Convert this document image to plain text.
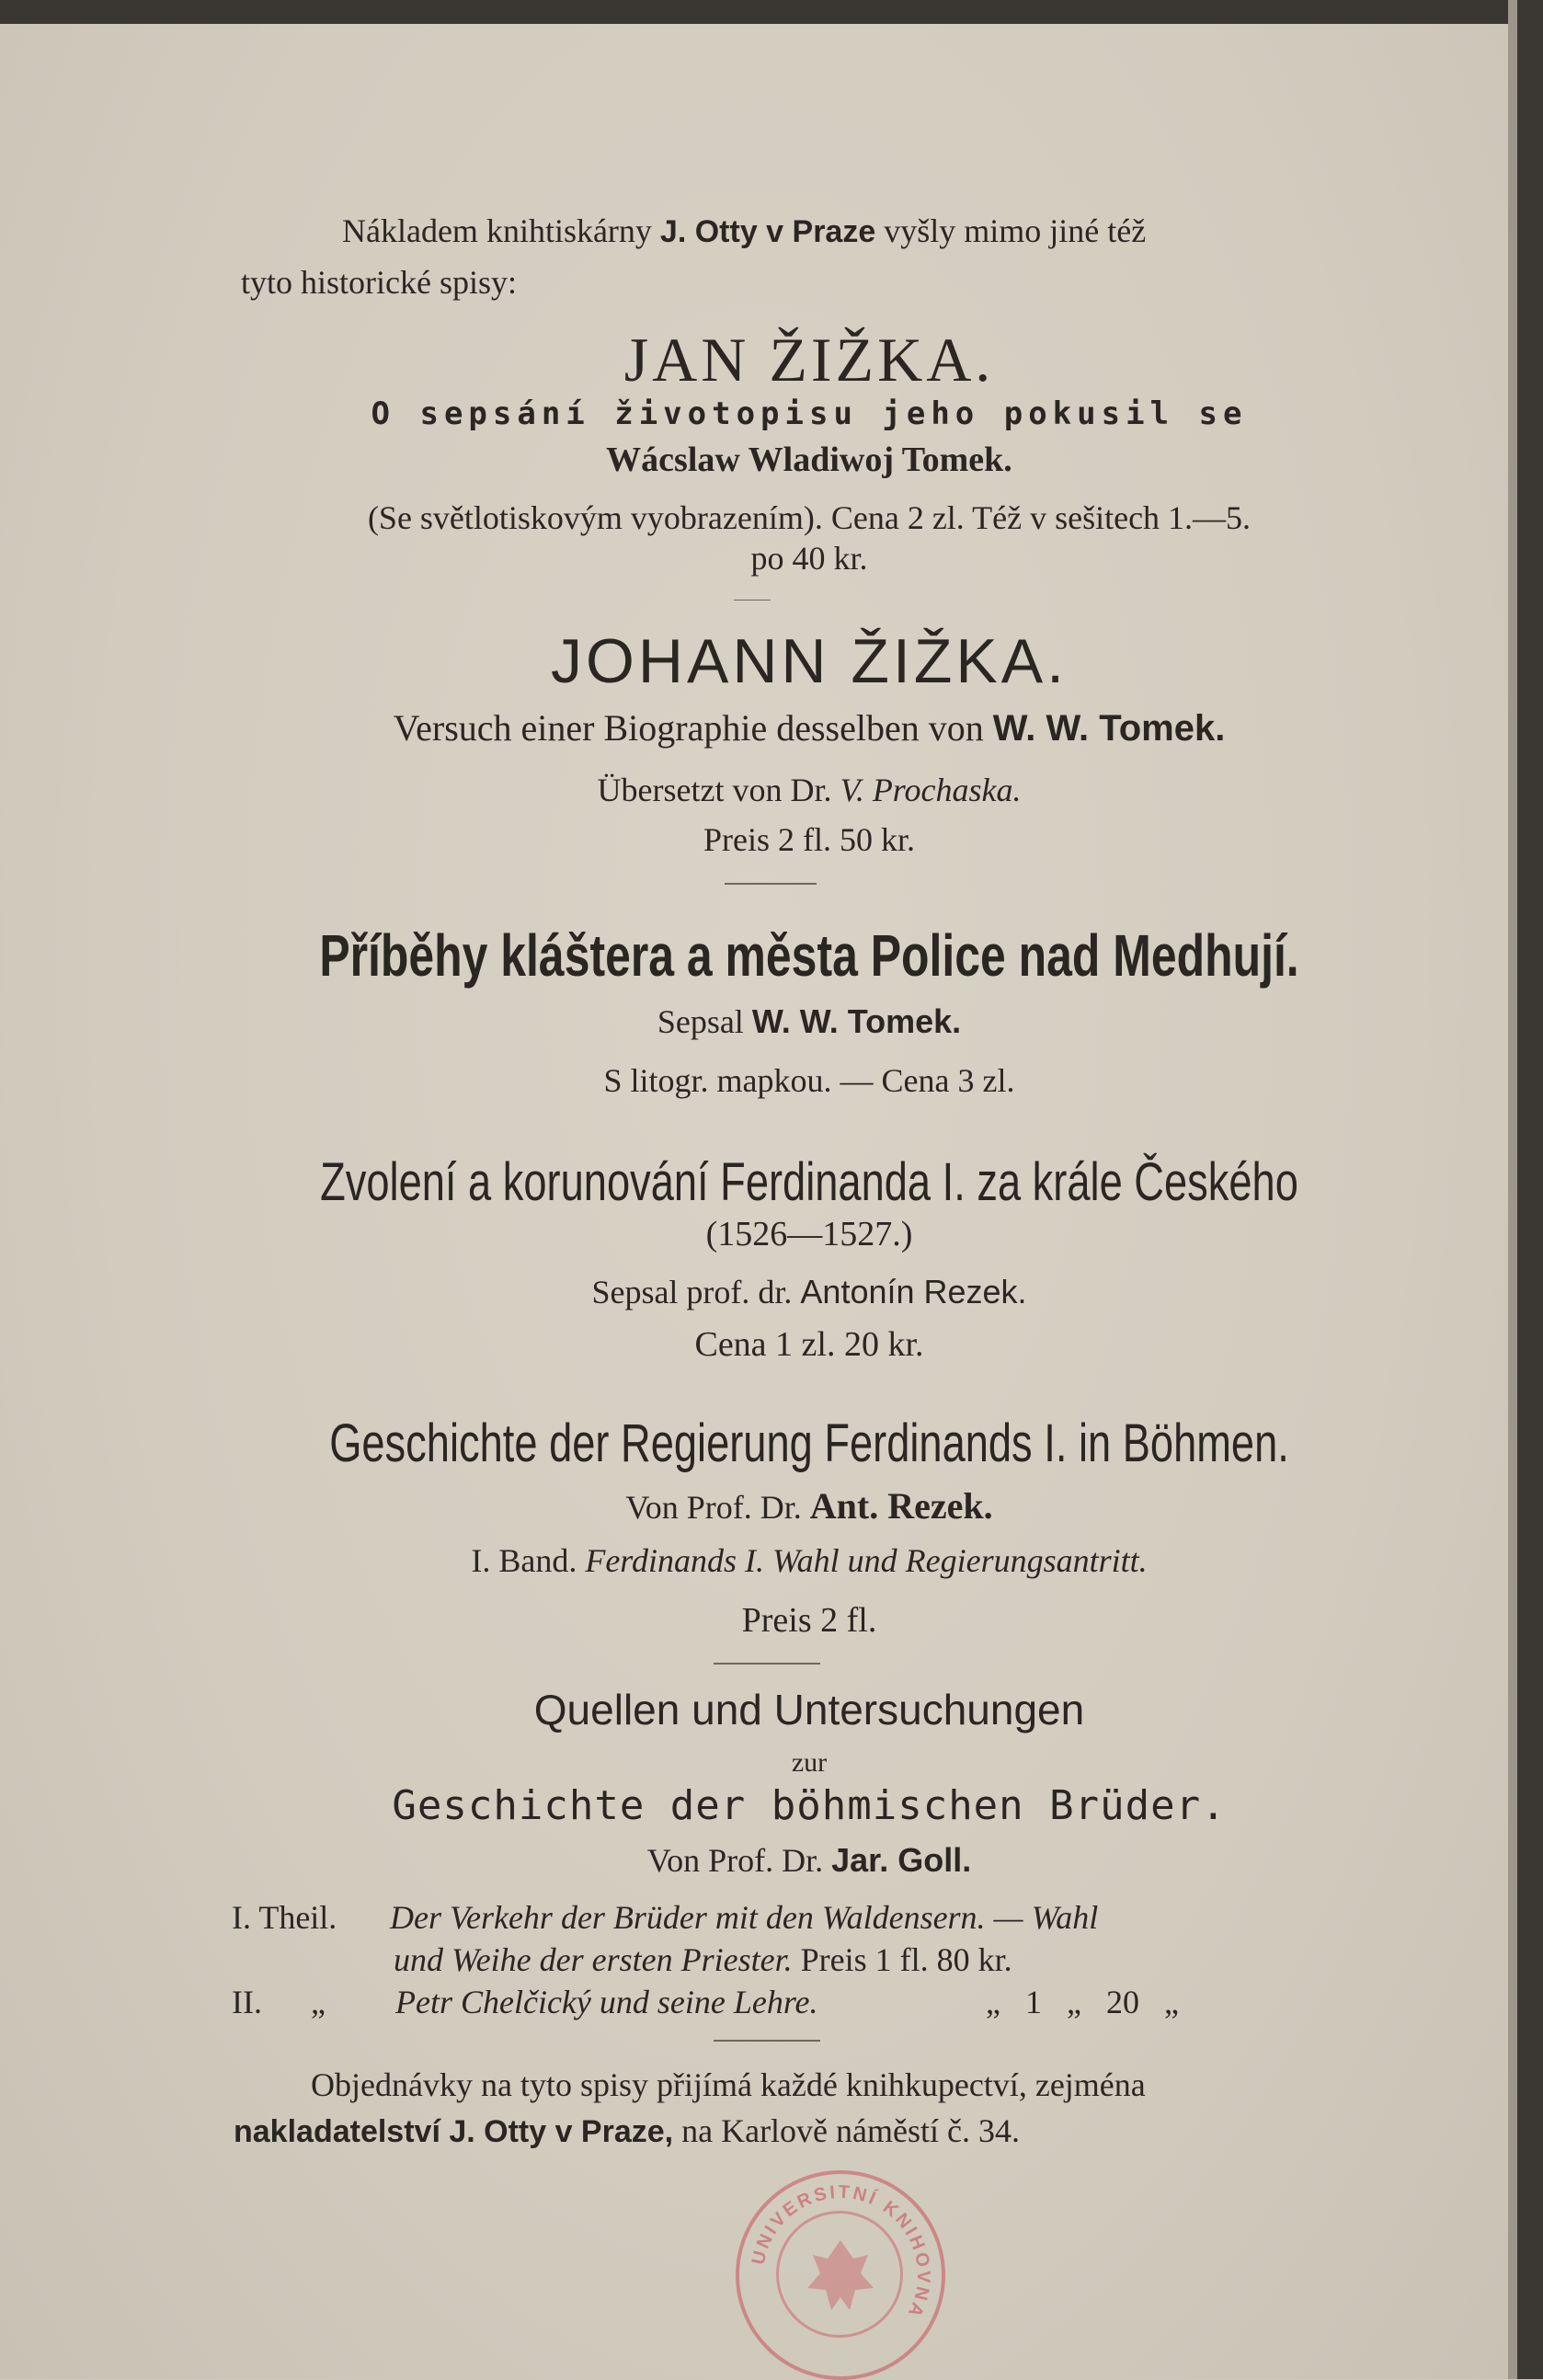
Nákladem knihtiskárny J. Otty v Praze vyšly mimo jiné též
tyto historické spisy:
JAN ŽIŽKA.
O sepsání životopisu jeho pokusil se
Wácslaw Wladiwoj Tomek.
(Se světlotiskovým vyobrazením). Cena 2 zl. Též v sešitech 1.—5.
po 40 kr.
JOHANN ŽIŽKA.
Versuch einer Biographie desselben von W. W. Tomek.
Übersetzt von Dr. V. Prochaska.
Preis 2 fl. 50 kr.
Příběhy kláštera a města Police nad Medhují.
Sepsal W. W. Tomek.
S litogr. mapkou. — Cena 3 zl.
Zvolení a korunování Ferdinanda I. za krále Českého
(1526—1527.)
Sepsal prof. dr. Antonín Rezek.
Cena 1 zl. 20 kr.
Geschichte der Regierung Ferdinands I. in Böhmen.
Von Prof. Dr. Ant. Rezek.
I. Band. Ferdinands I. Wahl und Regierungsantritt.
Preis 2 fl.
Quellen und Untersuchungen
zur
Geschichte der böhmischen Brüder.
Von Prof. Dr. Jar. Goll.
I. Theil. Der Verkehr der Brüder mit den Waldensern. — Wahl
und Weihe der ersten Priester. Preis 1 fl. 80 kr.
II. „ Petr Chelčický und seine Lehre.	„ 1 „ 20 „
Objednávky na tyto spisy přijímá každé knihkupectví, zejména
nakladatelství J. Otty v Praze, na Karlově náměstí č. 34.
UNIVERSITNÍ KNIHOVNA
